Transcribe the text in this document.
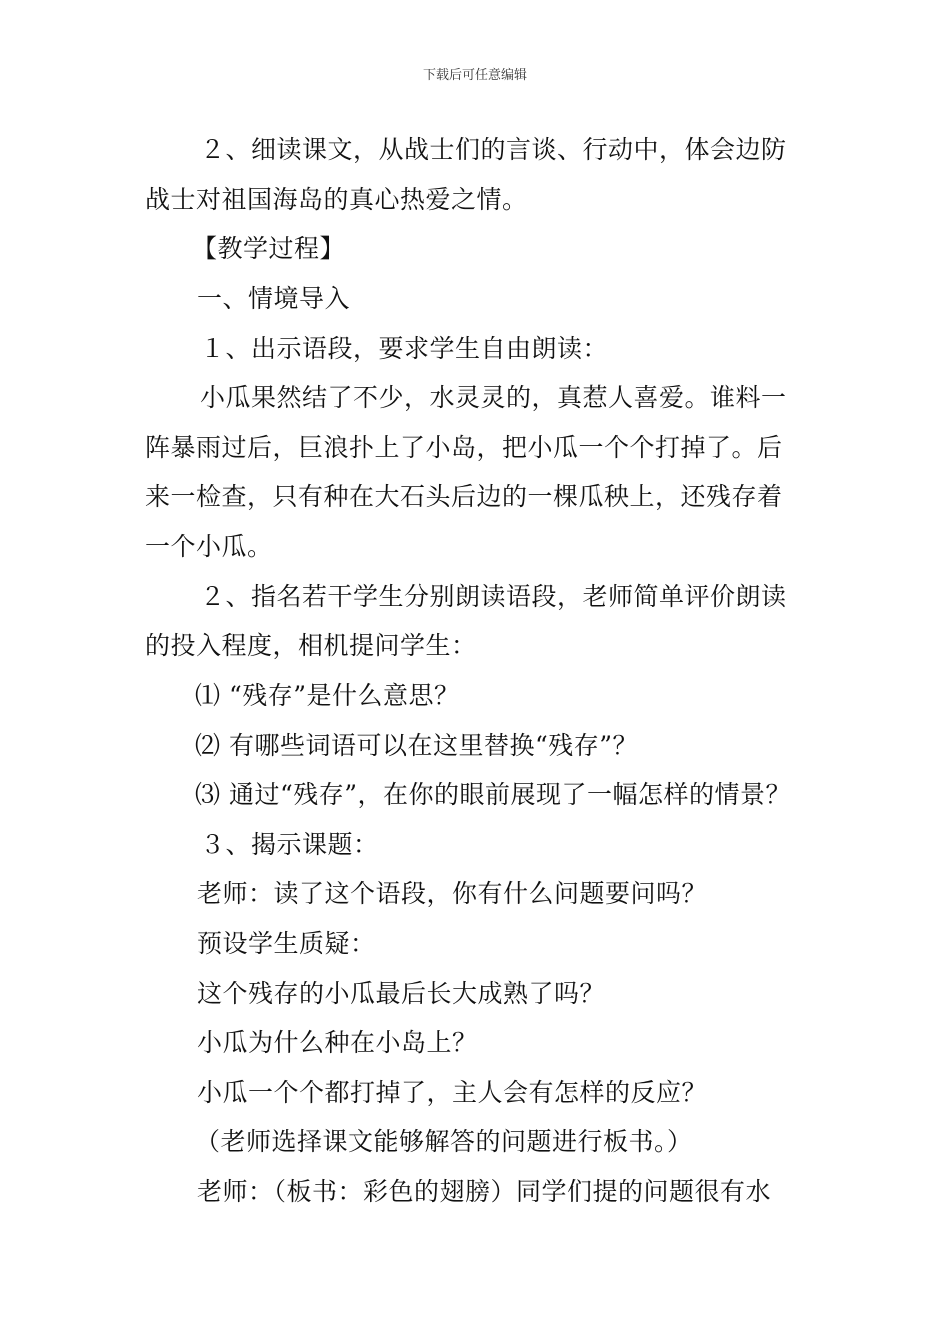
下载后可任意编辑
２、细读课文，从战士们的言谈、行动中，体会边防
战士对祖国海岛的真心热爱之情。
【教学过程】
一、情境导入
１、出示语段，要求学生自由朗读：
小瓜果然结了不少，水灵灵的，真惹人喜爱。谁料一
阵暴雨过后，巨浪扑上了小岛，把小瓜一个个打掉了。后
来一检查，只有种在大石头后边的一棵瓜秧上，还残存着
一个小瓜。
２、指名若干学生分别朗读语段，老师简单评价朗读
的投入程度，相机提问学生：
⑴ “残存”是什么意思？
⑵ 有哪些词语可以在这里替换“残存”？
⑶ 通过“残存”，在你的眼前展现了一幅怎样的情景？
３、揭示课题：
老师：读了这个语段，你有什么问题要问吗？
预设学生质疑：
这个残存的小瓜最后长大成熟了吗？
小瓜为什么种在小岛上？
小瓜一个个都打掉了，主人会有怎样的反应？
（老师选择课文能够解答的问题进行板书。）
老师：（板书：彩色的翅膀）同学们提的问题很有水
